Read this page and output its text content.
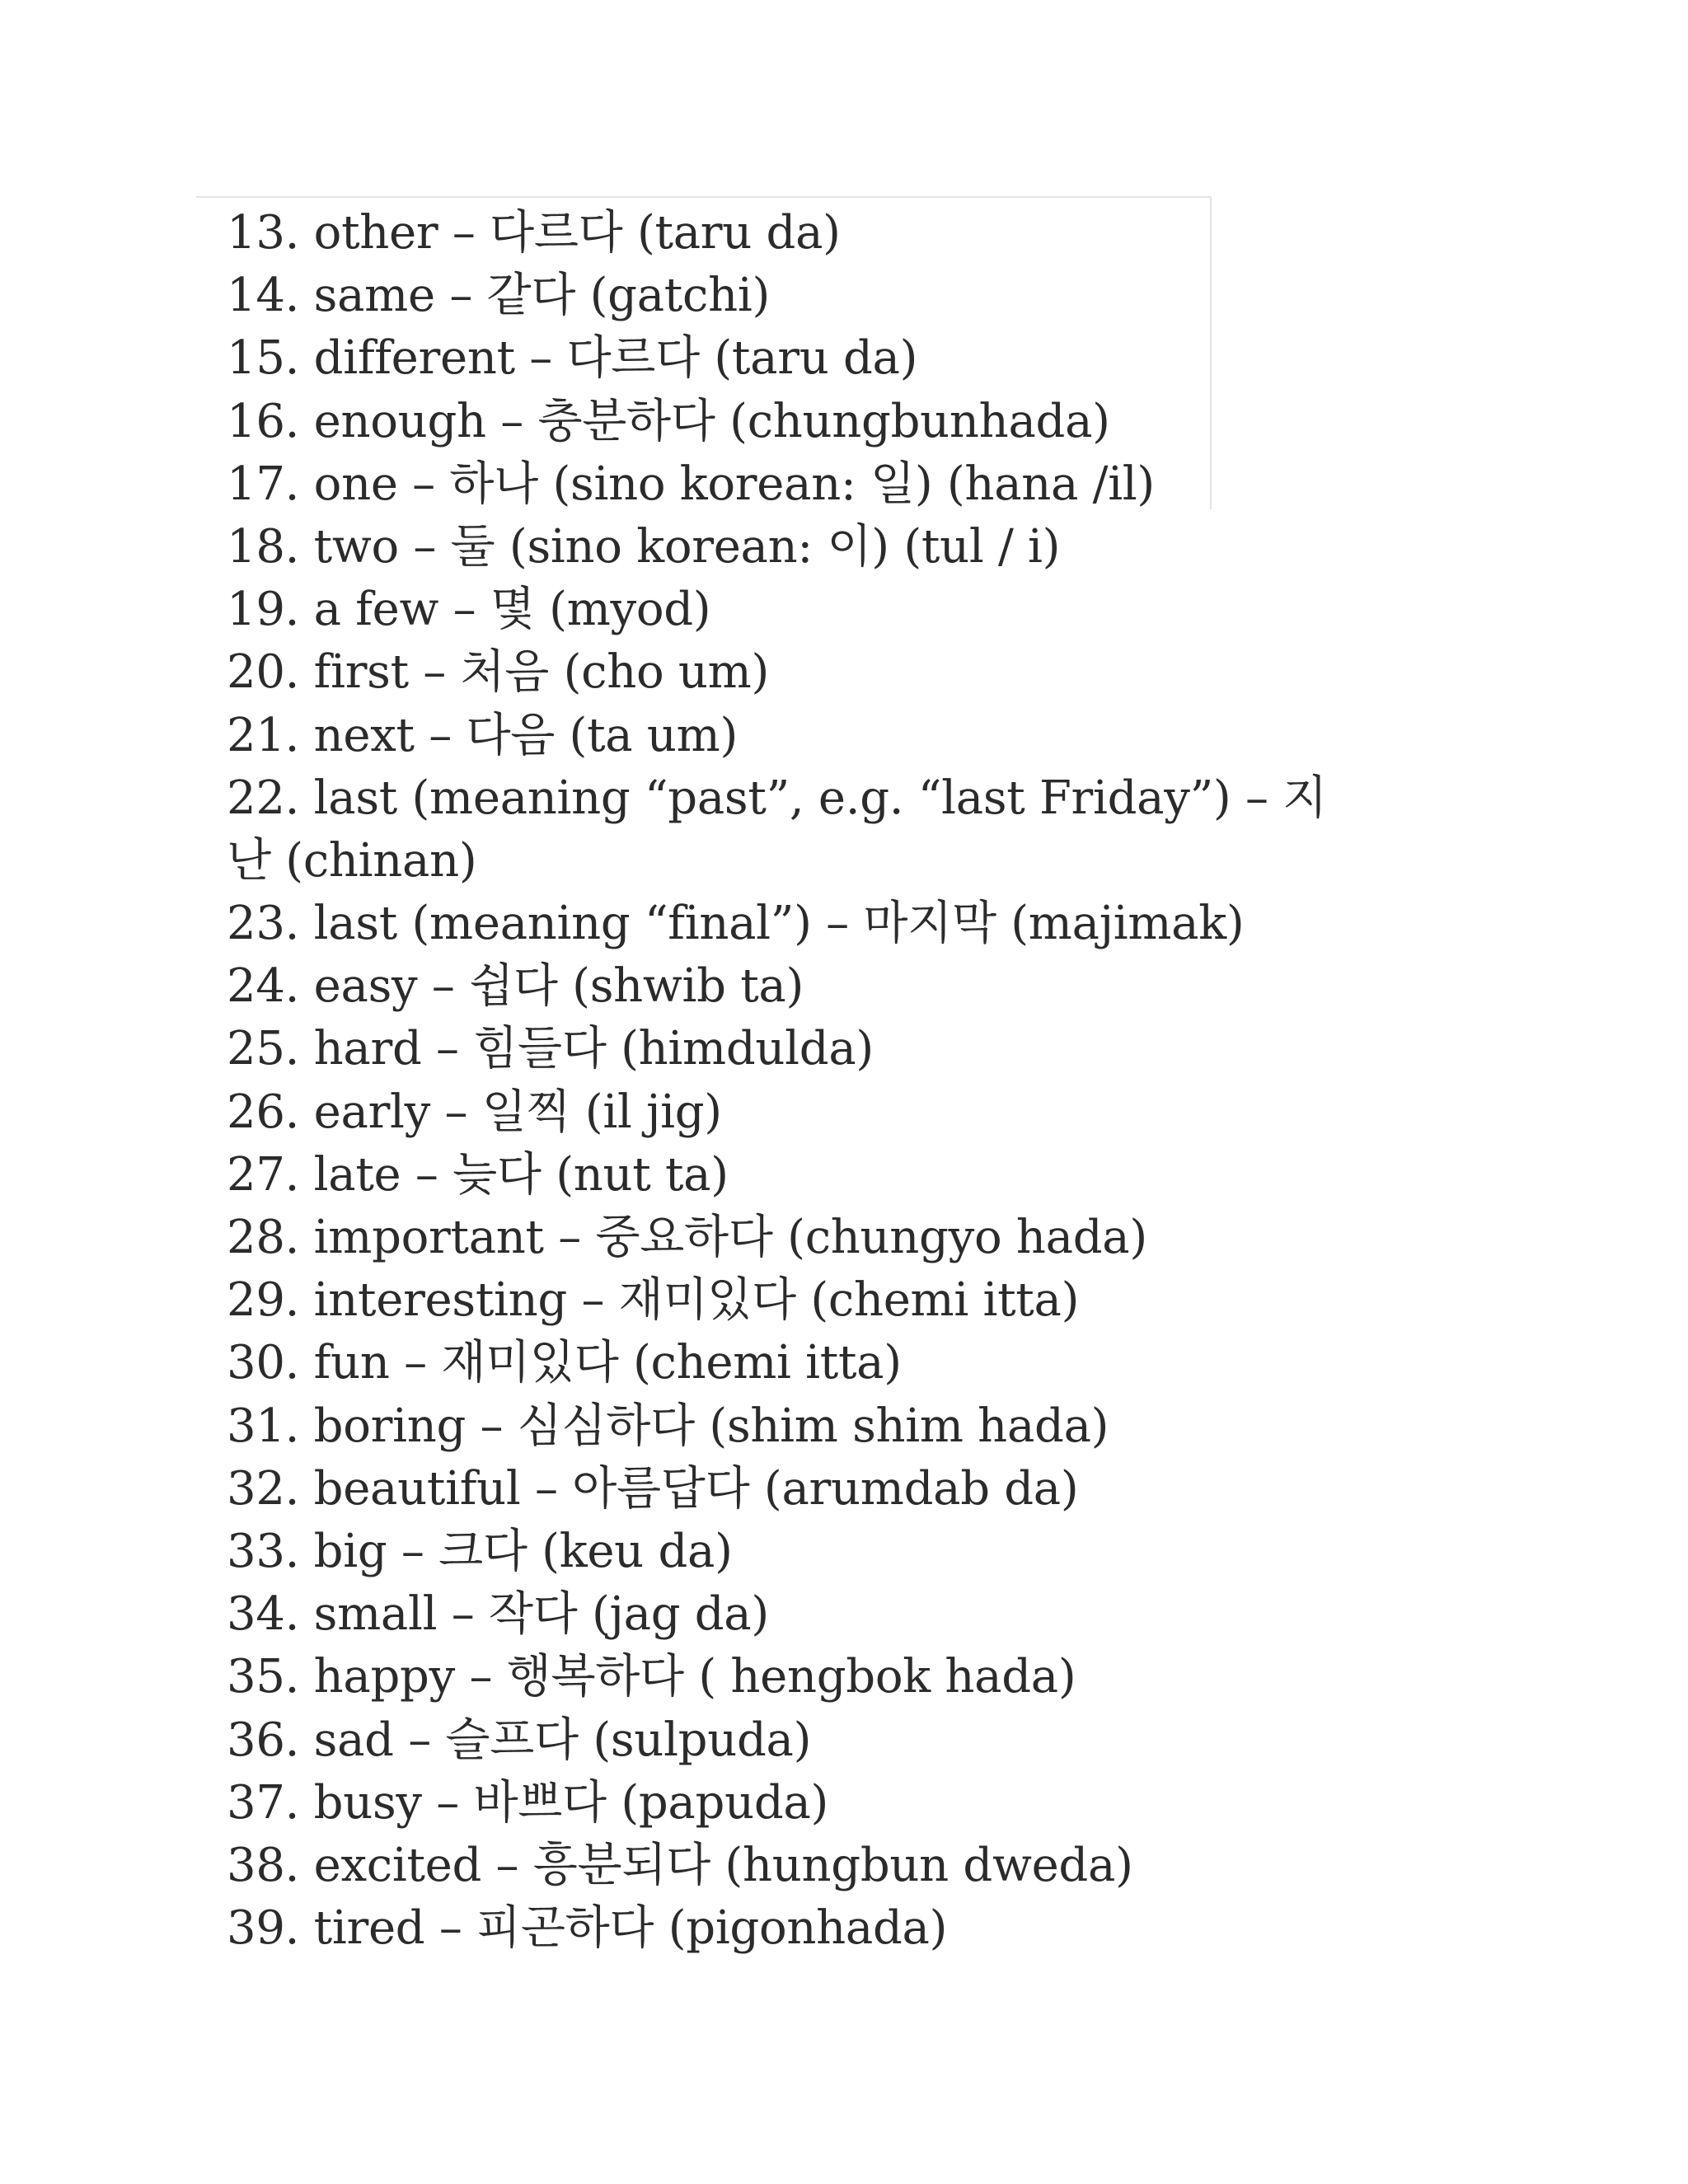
13. other – 다르다 (taru da)
14. same – 같다 (gatchi)
15. different – 다르다 (taru da)
16. enough – 충분하다 (chungbunhada)
17. one – 하나 (sino korean: 일) (hana /il)
18. two – 둘 (sino korean: 이) (tul / i)
19. a few – 몇 (myod)
20. first – 처음 (cho um)
21. next – 다음 (ta um)
22. last (meaning “past”, e.g. “last Friday”) – 지
난 (chinan)
23. last (meaning “final”) – 마지막 (majimak)
24. easy – 쉽다 (shwib ta)
25. hard – 힘들다 (himdulda)
26. early – 일찍 (il jig)
27. late – 늦다 (nut ta)
28. important – 중요하다 (chungyo hada)
29. interesting – 재미있다 (chemi itta)
30. fun – 재미있다 (chemi itta)
31. boring – 심심하다 (shim shim hada)
32. beautiful – 아름답다 (arumdab da)
33. big – 크다 (keu da)
34. small – 작다 (jag da)
35. happy – 행복하다 ( hengbok hada)
36. sad – 슬프다 (sulpuda)
37. busy – 바쁘다 (papuda)
38. excited – 흥분되다 (hungbun dweda)
39. tired – 피곤하다 (pigonhada)
